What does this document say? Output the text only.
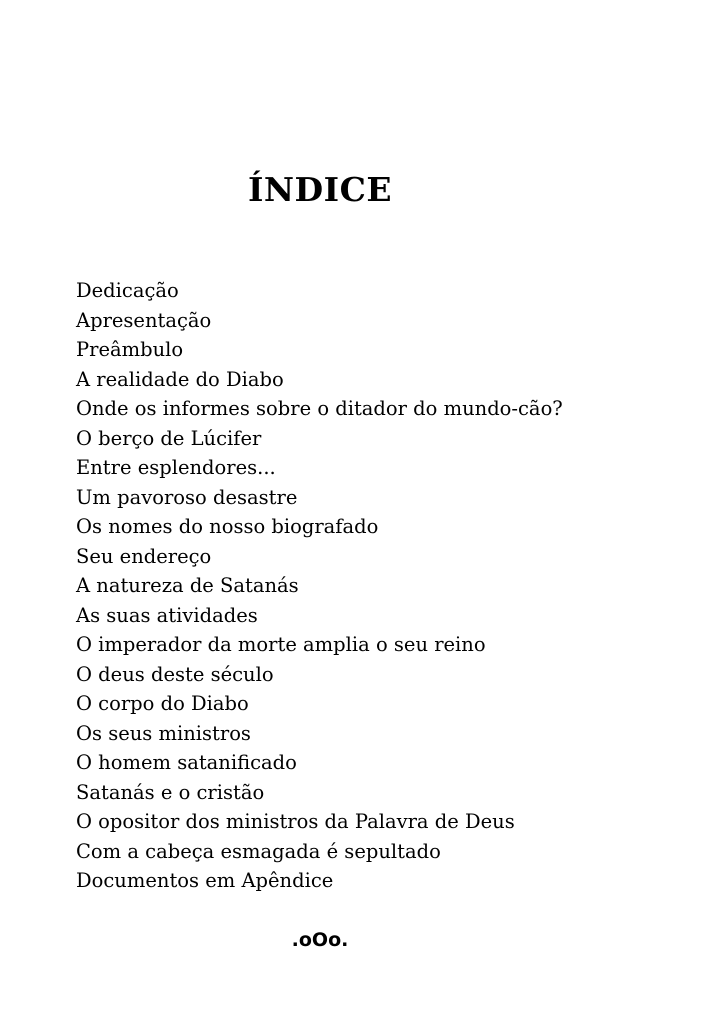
ÍNDICE
Dedicação
Apresentação
Preâmbulo
A realidade do Diabo
Onde os informes sobre o ditador do mundo-cão?
O berço de Lúcifer
Entre esplendores...
Um pavoroso desastre
Os nomes do nosso biografado
Seu endereço
A natureza de Satanás
As suas atividades
O imperador da morte amplia o seu reino
O deus deste século
O corpo do Diabo
Os seus ministros
O homem satanificado
Satanás e o cristão
O opositor dos ministros da Palavra de Deus
Com a cabeça esmagada é sepultado
Documentos em Apêndice
.oOo.
